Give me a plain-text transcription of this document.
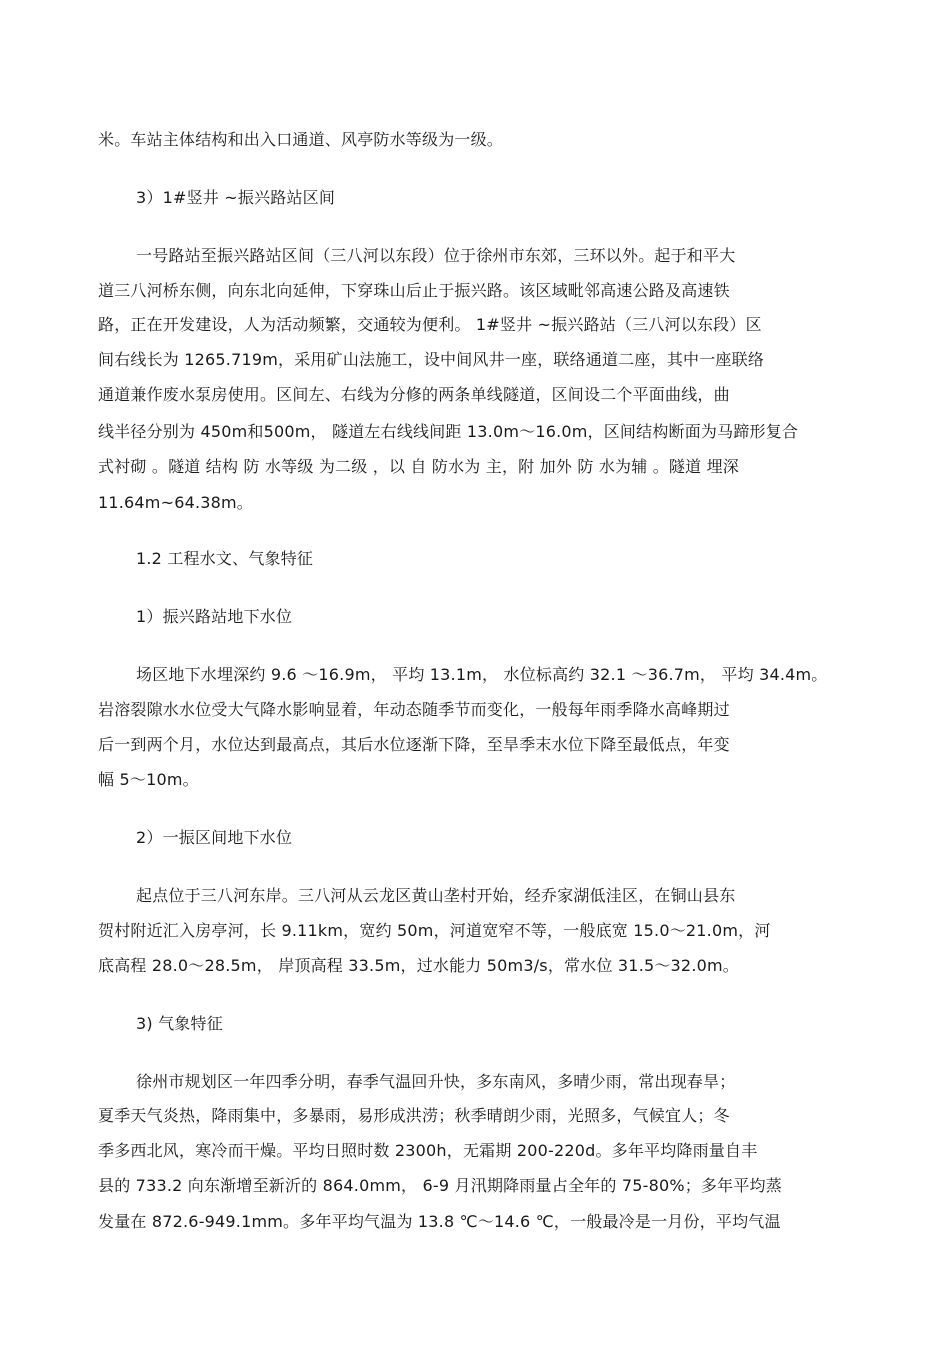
米。车站主体结构和出入口通道、风亭防水等级为一级。
3）1#竖井 ~振兴路站区间
一号路站至振兴路站区间（三八河以东段）位于徐州市东郊，三环以外。起于和平大
道三八河桥东侧，向东北向延伸，下穿珠山后止于振兴路。该区域毗邻高速公路及高速铁
路，正在开发建设，人为活动频繁，交通较为便利。 1#竖井 ~振兴路站（三八河以东段）区
间右线长为 1265.719m，采用矿山法施工，设中间风井一座，联络通道二座，其中一座联络
通道兼作废水泵房使用。区间左、右线为分修的两条单线隧道，区间设二个平面曲线，曲
线半径分别为 450m和500m， 隧道左右线线间距 13.0m～16.0m，区间结构断面为马蹄形复合
式衬砌 。隧道 结构 防 水等级 为二级 ，以 自 防水为 主，附 加外 防 水为辅 。隧道 埋深
11.64m~64.38m。
1.2 工程水文、气象特征
1）振兴路站地下水位
场区地下水埋深约 9.6 ～16.9m， 平均 13.1m， 水位标高约 32.1 ～36.7m， 平均 34.4m。
岩溶裂隙水水位受大气降水影响显着，年动态随季节而变化，一般每年雨季降水高峰期过
后一到两个月，水位达到最高点，其后水位逐渐下降，至旱季末水位下降至最低点，年变
幅 5～10m。
2）一振区间地下水位
起点位于三八河东岸。三八河从云龙区黄山垄村开始，经乔家湖低洼区，在铜山县东
贺村附近汇入房亭河，长 9.11km，宽约 50m，河道宽窄不等，一般底宽 15.0～21.0m，河
底高程 28.0～28.5m， 岸顶高程 33.5m，过水能力 50m3/s，常水位 31.5～32.0m。
3) 气象特征
徐州市规划区一年四季分明，春季气温回升快，多东南风，多晴少雨，常出现春旱；
夏季天气炎热，降雨集中，多暴雨，易形成洪涝；秋季晴朗少雨，光照多，气候宜人；冬
季多西北风，寒冷而干燥。平均日照时数 2300h，无霜期 200-220d。多年平均降雨量自丰
县的 733.2 向东渐增至新沂的 864.0mm， 6-9 月汛期降雨量占全年的 75-80%；多年平均蒸
发量在 872.6-949.1mm。多年平均气温为 13.8 ℃～14.6 ℃，一般最冷是一月份，平均气温
